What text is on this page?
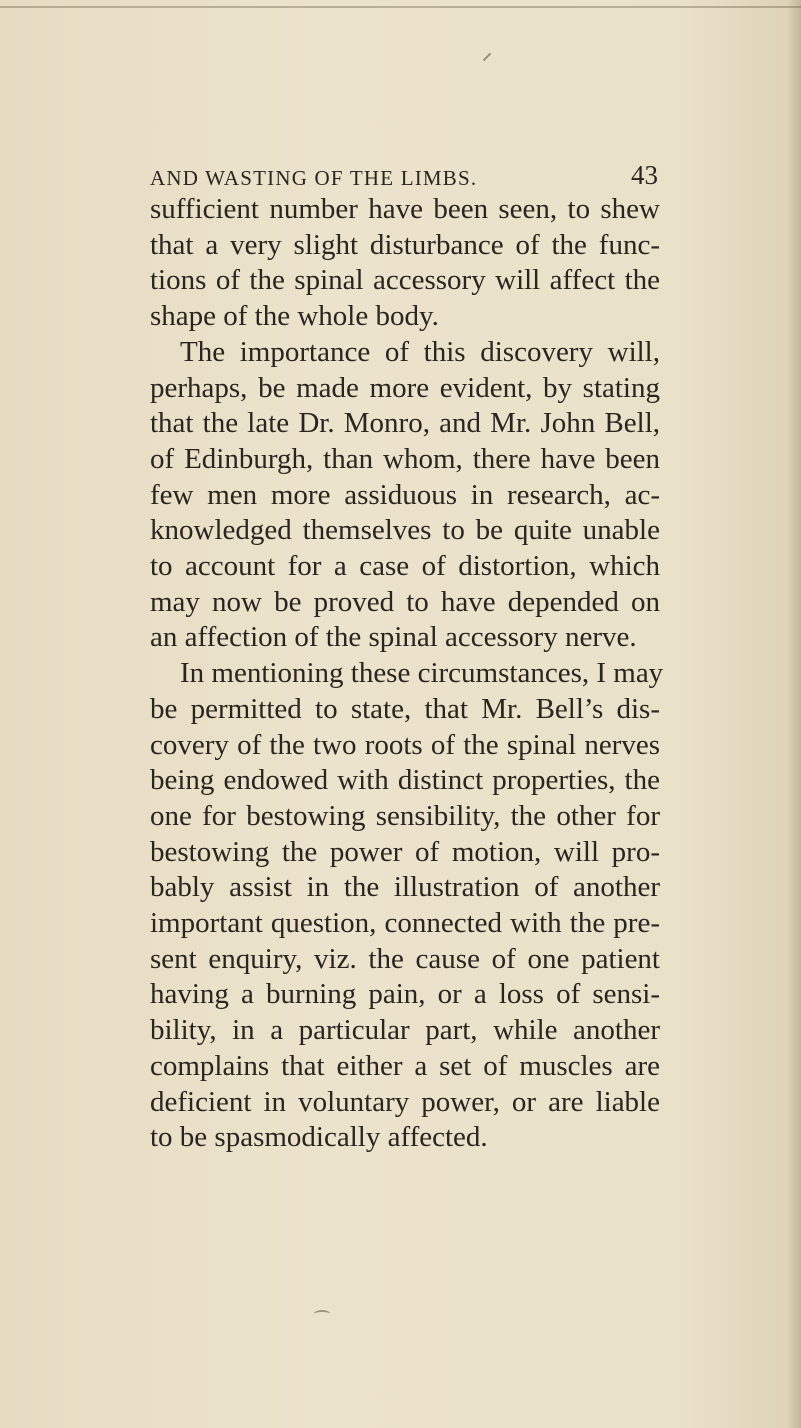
AND WASTING OF THE LIMBS.	43
sufficient number have been seen, to shew
that a very slight disturbance of the func-
tions of the spinal accessory will affect the
shape of the whole body.
The importance of this discovery will,
perhaps, be made more evident, by stating
that the late Dr. Monro, and Mr. John Bell,
of Edinburgh, than whom, there have been
few men more assiduous in research, ac-
knowledged themselves to be quite unable
to account for a case of distortion, which
may now be proved to have depended on
an affection of the spinal accessory nerve.
In mentioning these circumstances, I may
be permitted to state, that Mr. Bell’s dis-
covery of the two roots of the spinal nerves
being endowed with distinct properties, the
one for bestowing sensibility, the other for
bestowing the power of motion, will pro-
bably assist in the illustration of another
important question, connected with the pre-
sent enquiry, viz. the cause of one patient
having a burning pain, or a loss of sensi-
bility, in a particular part, while another
complains that either a set of muscles are
deficient in voluntary power, or are liable
to be spasmodically affected.
